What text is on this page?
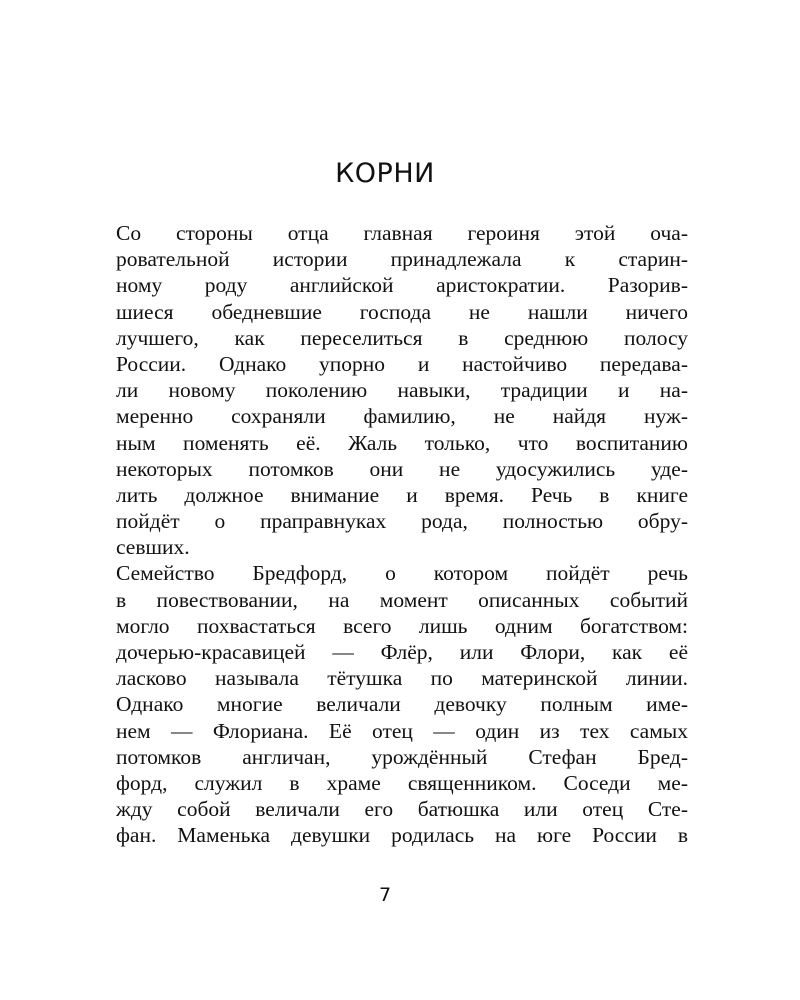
КОРНИ
Со стороны отца главная героиня этой оча-
ровательной истории принадлежала к старин-
ному роду английской аристократии. Разорив-
шиеся обедневшие господа не нашли ничего
лучшего, как переселиться в среднюю полосу
России. Однако упорно и настойчиво передава-
ли новому поколению навыки, традиции и на-
меренно сохраняли фамилию, не найдя нуж-
ным поменять её. Жаль только, что воспитанию
некоторых потомков они не удосужились уде-
лить должное внимание и время. Речь в книге
пойдёт о праправнуках рода, полностью обру-
севших.
Семейство Бредфорд, о котором пойдёт речь
в повествовании, на момент описанных событий
могло похвастаться всего лишь одним богатством:
дочерью-красавицей — Флёр, или Флори, как её
ласково называла тётушка по материнской линии.
Однако многие величали девочку полным име-
нем — Флориана. Её отец — один из тех самых
потомков англичан, урождённый Стефан Бред-
форд, служил в храме священником. Соседи ме-
жду собой величали его батюшка или отец Сте-
фан. Маменька девушки родилась на юге России в

7
